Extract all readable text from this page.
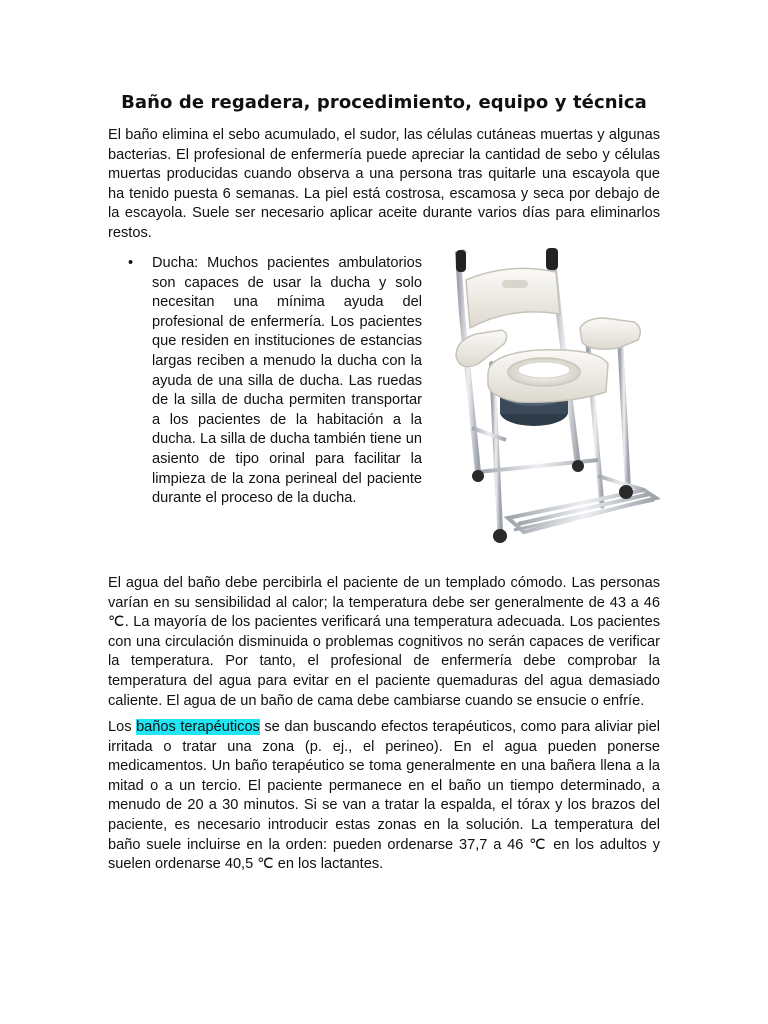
Baño de regadera, procedimiento, equipo y técnica

El baño elimina el sebo acumulado, el sudor, las células cutáneas muertas y algunas bacterias. El profesional de enfermería puede apreciar la cantidad de sebo y células muertas producidas cuando observa a una persona tras quitarle una escayola que ha tenido puesta 6 semanas. La piel está costrosa, escamosa y seca por debajo de la escayola. Suele ser necesario aplicar aceite durante varios días para eliminarlos restos.

• Ducha: Muchos pacientes ambulatorios son capaces de usar la ducha y solo necesitan una mínima ayuda del profesional de enfermería. Los pacientes que residen en instituciones de estancias largas reciben a menudo la ducha con la ayuda de una silla de ducha. Las ruedas de la silla de ducha permiten transportar a los pacientes de la habitación a la ducha. La silla de ducha también tiene un asiento de tipo orinal para facilitar la limpieza de la zona perineal del paciente durante el proceso de la ducha.

El agua del baño debe percibirla el paciente de un templado cómodo. Las personas varían en su sensibilidad al calor; la temperatura debe ser generalmente de 43 a 46 ℃. La mayoría de los pacientes verificará una temperatura adecuada. Los pacientes con una circulación disminuida o problemas cognitivos no serán capaces de verificar la temperatura. Por tanto, el profesional de enfermería debe comprobar la temperatura del agua para evitar en el paciente quemaduras del agua demasiado caliente. El agua de un baño de cama debe cambiarse cuando se ensucie o enfríe.

Los baños terapéuticos se dan buscando efectos terapéuticos, como para aliviar piel irritada o tratar una zona (p. ej., el perineo). En el agua pueden ponerse medicamentos. Un baño terapéutico se toma generalmente en una bañera llena a la mitad o a un tercio. El paciente permanece en el baño un tiempo determinado, a menudo de 20 a 30 minutos. Si se van a tratar la espalda, el tórax y los brazos del paciente, es necesario introducir estas zonas en la solución. La temperatura del baño suele incluirse en la orden: pueden ordenarse 37,7 a 46 ℃ en los adultos y suelen ordenarse 40,5 ℃ en los lactantes.
